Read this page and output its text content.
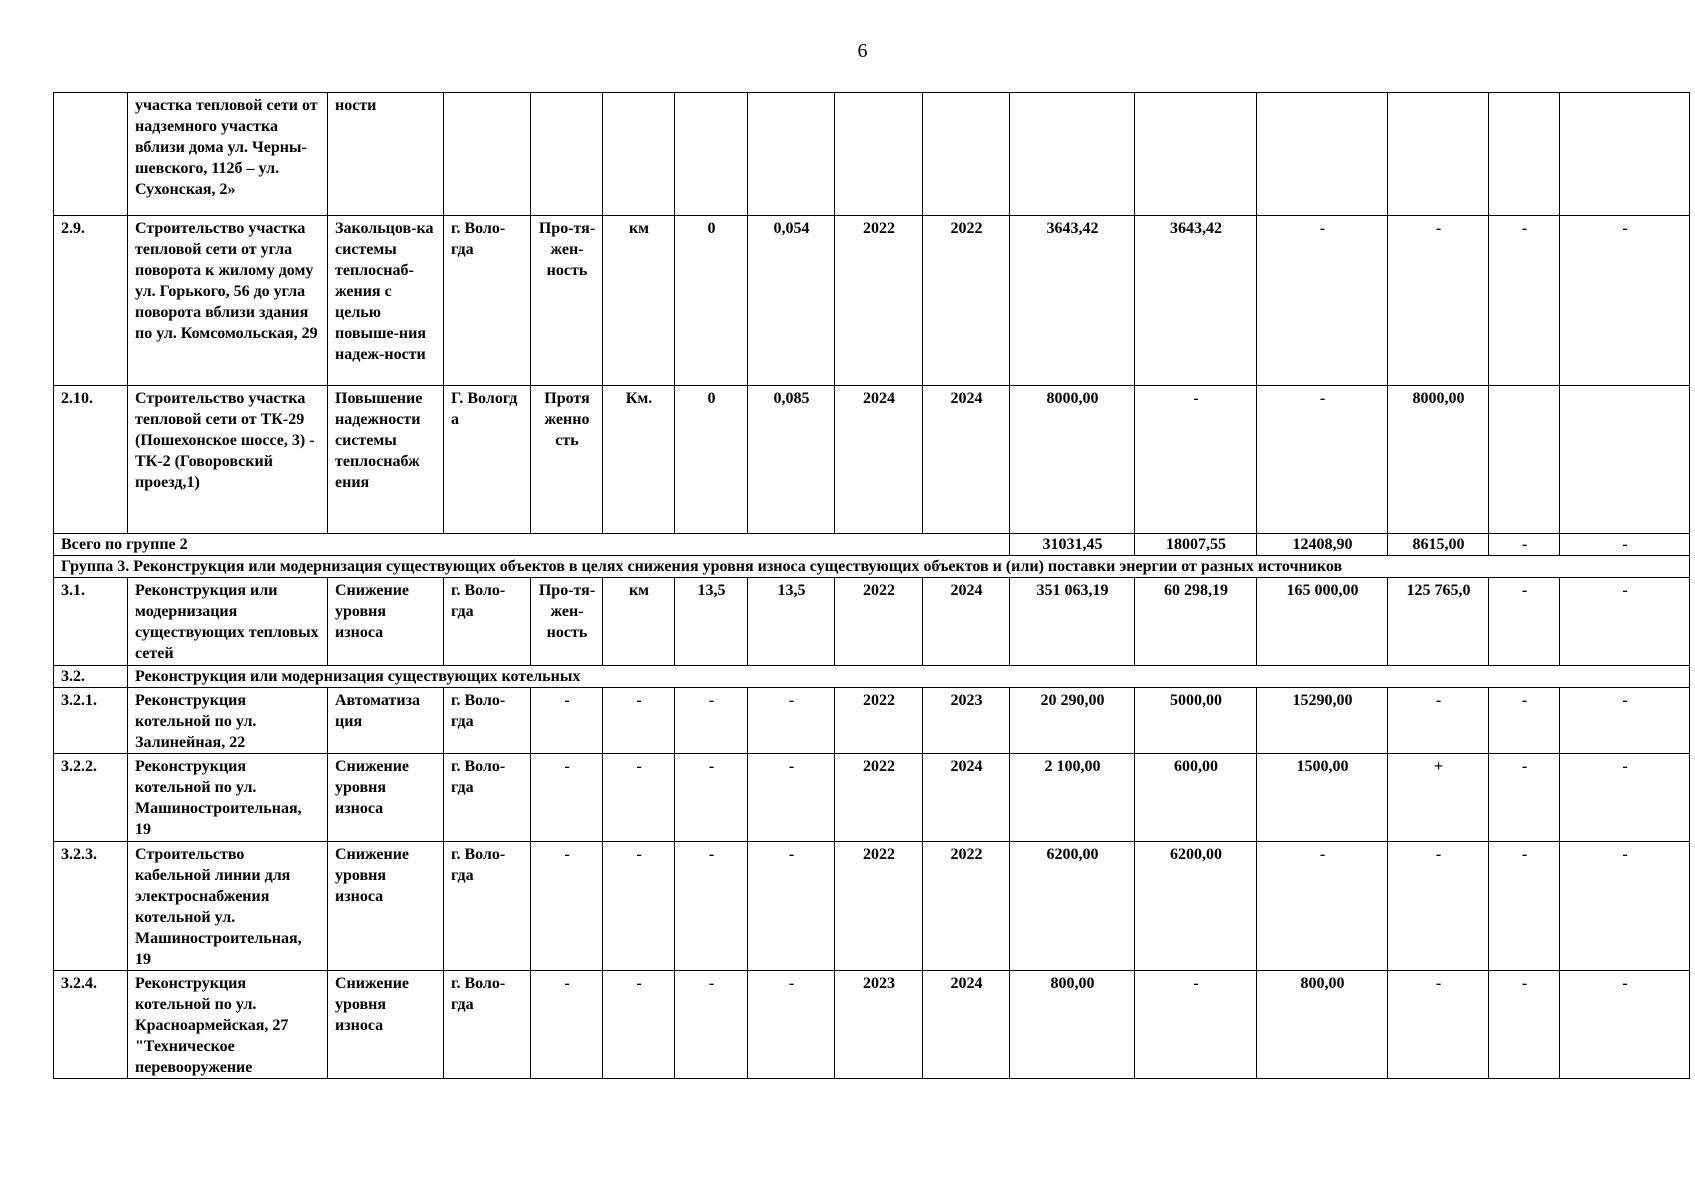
6
	участка тепловой сети от надземного участка вблизи дома ул. Черны-шевского, 112б – ул. Сухонская, 2»	ности													
2.9.	Строительство участка тепловой сети от угла поворота к жилому дому ул. Горького, 56 до угла поворота вблизи здания по ул. Комсомольская, 29	Закольцов-ка системы теплоснаб-жения с целью повыше-ния надеж-ности	г. Воло-гда	Про-тя-жен-ность	км	0	0,054	2022	2022	3643,42	3643,42	-	-	-	-
2.10.	Строительство участка тепловой сети от ТК-29 (Пошехонское шоссе, 3) - ТК-2 (Говоровский проезд,1)	Повышение надежности системы теплоснабж ения	Г. Вологд а	Протя женно сть	Км.	0	0,085	2024	2024	8000,00	-	-	8000,00		
Всего по группе 2										31031,45	18007,55	12408,90	8615,00	-	-
Группа 3. Реконструкция или модернизация существующих объектов в целях снижения уровня износа существующих объектов и (или) поставки энергии от разных источников															
3.1.	Реконструкция или модернизация существующих тепловых сетей	Снижение уровня износа	г. Воло-гда	Про-тя-жен-ность	км	13,5	13,5	2022	2024	351 063,19	60 298,19	165 000,00	125 765,0	-	-
3.2.	Реконструкция или модернизация существующих котельных														
3.2.1.	Реконструкция котельной по ул. Залинейная, 22	Автоматиза ция	г. Воло-гда	-	-	-	-	2022	2023	20 290,00	5000,00	15290,00	-	-	-
3.2.2.	Реконструкция котельной по ул. Машиностроительная, 19	Снижение уровня износа	г. Воло-гда	-	-	-	-	2022	2024	2 100,00	600,00	1500,00	+	-	-
3.2.3.	Строительство кабельной линии для электроснабжения котельной ул. Машиностроительная, 19	Снижение уровня износа	г. Воло-гда	-	-	-	-	2022	2022	6200,00	6200,00	-	-	-	-
3.2.4.	Реконструкция котельной по ул. Красноармейская, 27 "Техническое перевооружение	Снижение уровня износа	г. Воло-гда	-	-	-	-	2023	2024	800,00	-	800,00	-	-	-
